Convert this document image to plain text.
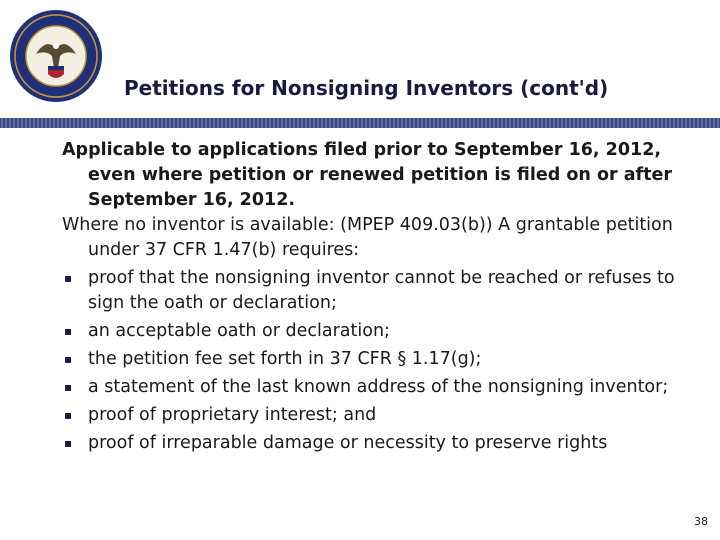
Petitions for Nonsigning Inventors (cont'd)
Applicable to applications filed prior to September 16, 2012, even where petition or renewed petition is filed on or after September 16, 2012.
Where no inventor is available: (MPEP 409.03(b)) A grantable petition under 37 CFR 1.47(b) requires:
▪ proof that the nonsigning inventor cannot be reached or refuses to sign the oath or declaration;
▪ an acceptable oath or declaration;
▪ the petition fee set forth in 37 CFR § 1.17(g);
▪ a statement of the last known address of the nonsigning inventor;
▪ proof of proprietary interest; and
▪ proof of irreparable damage or necessity to preserve rights
38
